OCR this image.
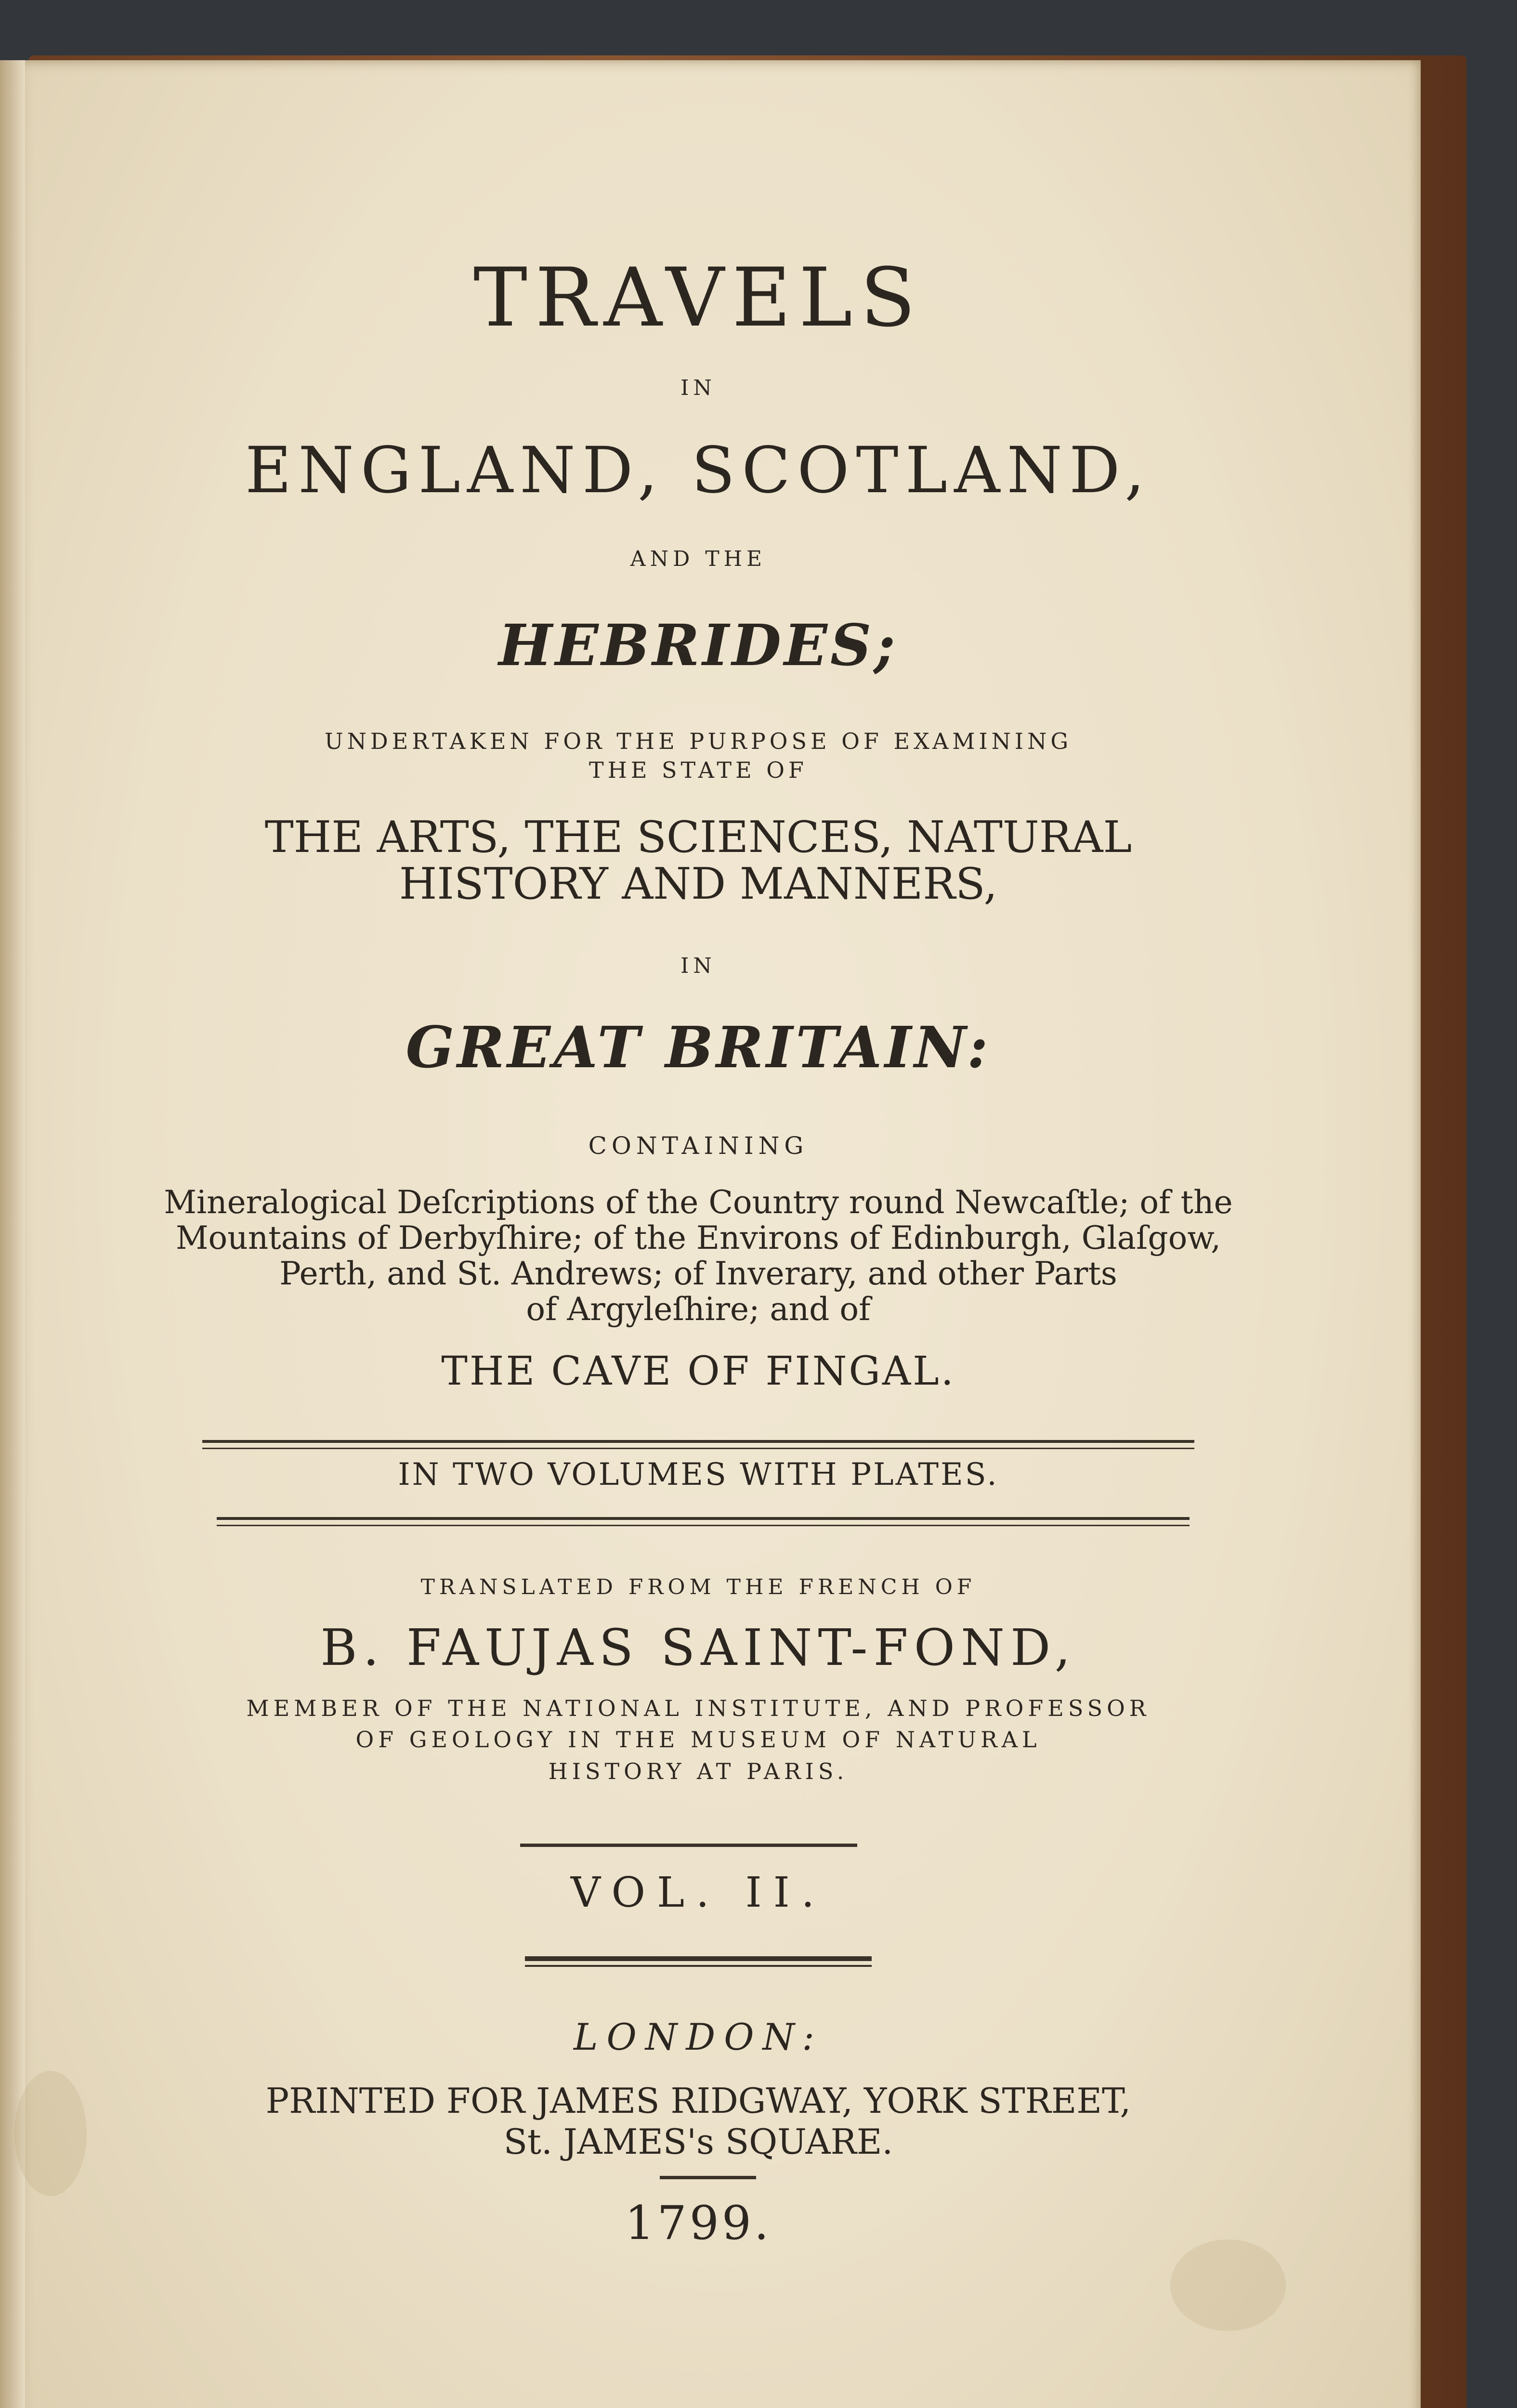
TRAVELS

IN

ENGLAND, SCOTLAND,

AND THE

HEBRIDES;

UNDERTAKEN FOR THE PURPOSE OF EXAMINING

THE STATE OF

THE ARTS, THE SCIENCES, NATURAL

HISTORY AND MANNERS,

IN

GREAT BRITAIN:

CONTAINING

Mineralogical Deſcriptions of the Country round Newcaſtle; of the

Mountains of Derbyſhire; of the Environs of Edinburgh, Glaſgow,

Perth, and St. Andrews; of Inverary, and other Parts

of Argyleſhire; and of

THE CAVE OF FINGAL.

IN TWO VOLUMES WITH PLATES.

TRANSLATED FROM THE FRENCH OF

B. FAUJAS SAINT-FOND,

MEMBER OF THE NATIONAL INSTITUTE, AND PROFESSOR

OF GEOLOGY IN THE MUSEUM OF NATURAL

HISTORY AT PARIS.

VOL. II.

LONDON:

PRINTED FOR JAMES RIDGWAY, YORK STREET,

St. JAMES's SQUARE.

1799.
